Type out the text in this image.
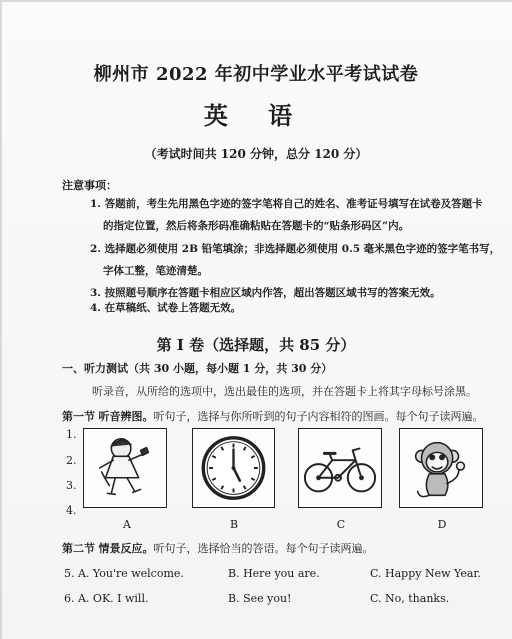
柳州市 2022 年初中学业水平考试试卷
英 语
（考试时间共 120 分钟，总分 120 分）
注意事项：
1. 答题前，考生先用黑色字迹的签字笔将自己的姓名、准考证号填写在试卷及答题卡
的指定位置，然后将条形码准确粘贴在答题卡的“贴条形码区”内。
2. 选择题必须使用 2B 铅笔填涂；非选择题必须使用 0.5 毫米黑色字迹的签字笔书写，
字体工整，笔迹清楚。
3. 按照题号顺序在答题卡相应区域内作答，超出答题区域书写的答案无效。
4. 在草稿纸、试卷上答题无效。
第 I 卷（选择题，共 85 分）
一、听力测试（共 30 小题，每小题 1 分，共 30 分）
听录音，从所给的选项中，选出最佳的选项，并在答题卡上将其字母标号涂黑。
第一节 听音辨图。听句子，选择与你所听到的句子内容相符的图画。每个句子读两遍。
1.
2.
3.
4.
A	B	C	D
第二节 情景反应。听句子，选择恰当的答语。每个句子读两遍。
5. A. You're welcome.	B. Here you are.	C. Happy New Year.
6. A. OK. I will.	B. See you!	C. No, thanks.
